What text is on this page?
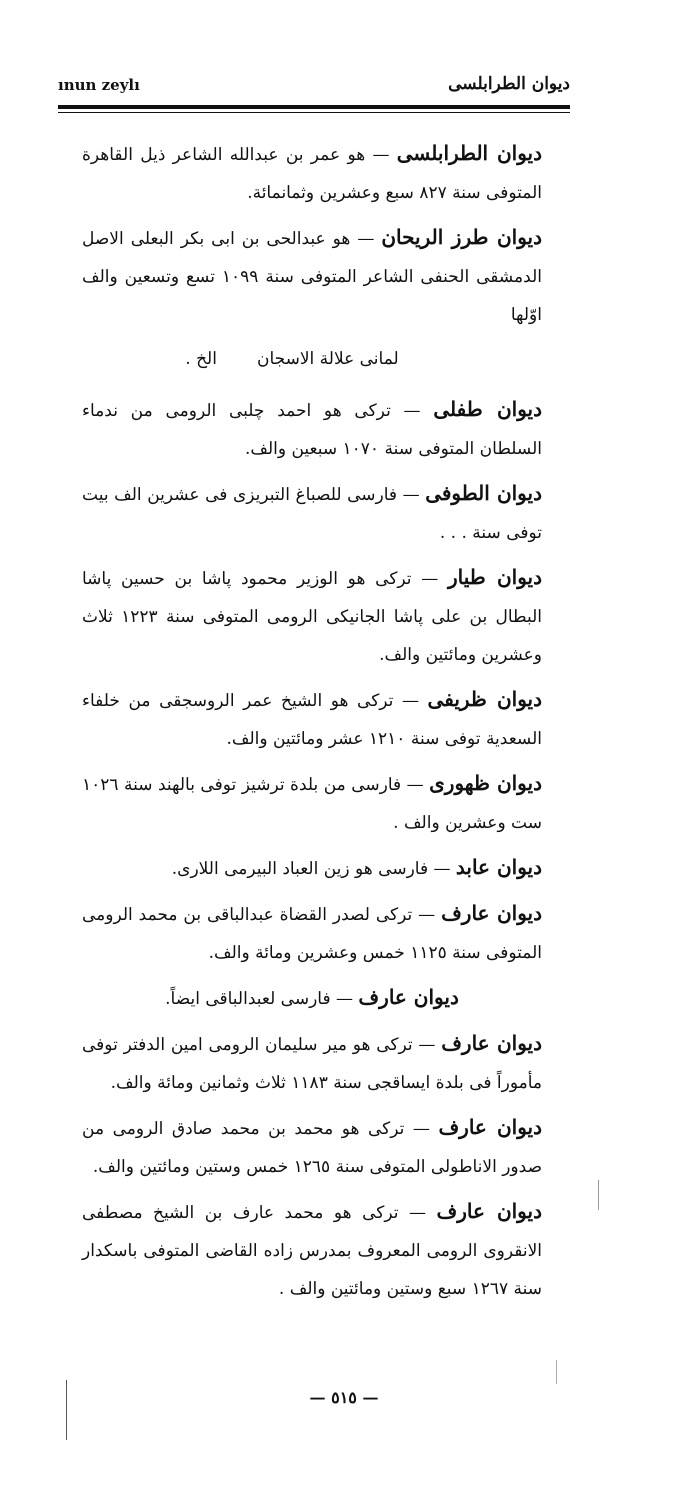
ınun zeylı	ديوان الطرابلسى

ديوان الطرابلسى — هو عمر بن عبدالله الشاعر ذيل القاهرة المتوفى سنة ٨٢٧ سبع وعشرين وثمانمائة.

ديوان طرز الريحان — هو عبدالحى بن ابى بكر البعلى الاصل الدمشقى الحنفى الشاعر المتوفى سنة ١٠٩٩ تسع وتسعين والف اوّلها

لمانى علالة الاسجانالخ .

ديوان طفلى — تركى هو احمد چلبى الرومى من ندماء السلطان المتوفى سنة ١٠٧٠ سبعين والف.

ديوان الطوفى — فارسى للصباغ التبريزى فى عشرين الف بيت توفى سنة . . .

ديوان طيار — تركى هو الوزير محمود پاشا بن حسين پاشا البطال بن على پاشا الجانيكى الرومى المتوفى سنة ١٢٢٣ ثلاث وعشرين ومائتين والف.

ديوان ظريفى — تركى هو الشيخ عمر الروسجقى من خلفاء السعدية توفى سنة ١٢١٠ عشر ومائتين والف.

ديوان ظهورى — فارسى من بلدة ترشيز توفى بالهند سنة ١٠٢٦ ست وعشرين والف .

ديوان عابد — فارسى هو زين العباد البيرمى اللارى.

ديوان عارف — تركى لصدر القضاة عبدالباقى بن محمد الرومى المتوفى سنة ١١٢٥ خمس وعشرين ومائة والف.

ديوان عارف — فارسى لعبدالباقى ايضاً.

ديوان عارف — تركى هو مير سليمان الرومى امين الدفتر توفى مأموراً فى بلدة ايساقجى سنة ١١٨٣ ثلاث وثمانين ومائة والف.

ديوان عارف — تركى هو محمد بن محمد صادق الرومى من صدور الاناطولى المتوفى سنة ١٢٦٥ خمس وستين ومائتين والف.

ديوان عارف — تركى هو محمد عارف بن الشيخ مصطفى الانقروى الرومى المعروف بمدرس زاده القاضى المتوفى باسكدار سنة ١٢٦٧ سبع وستين ومائتين والف .

— ٥١٥ —
